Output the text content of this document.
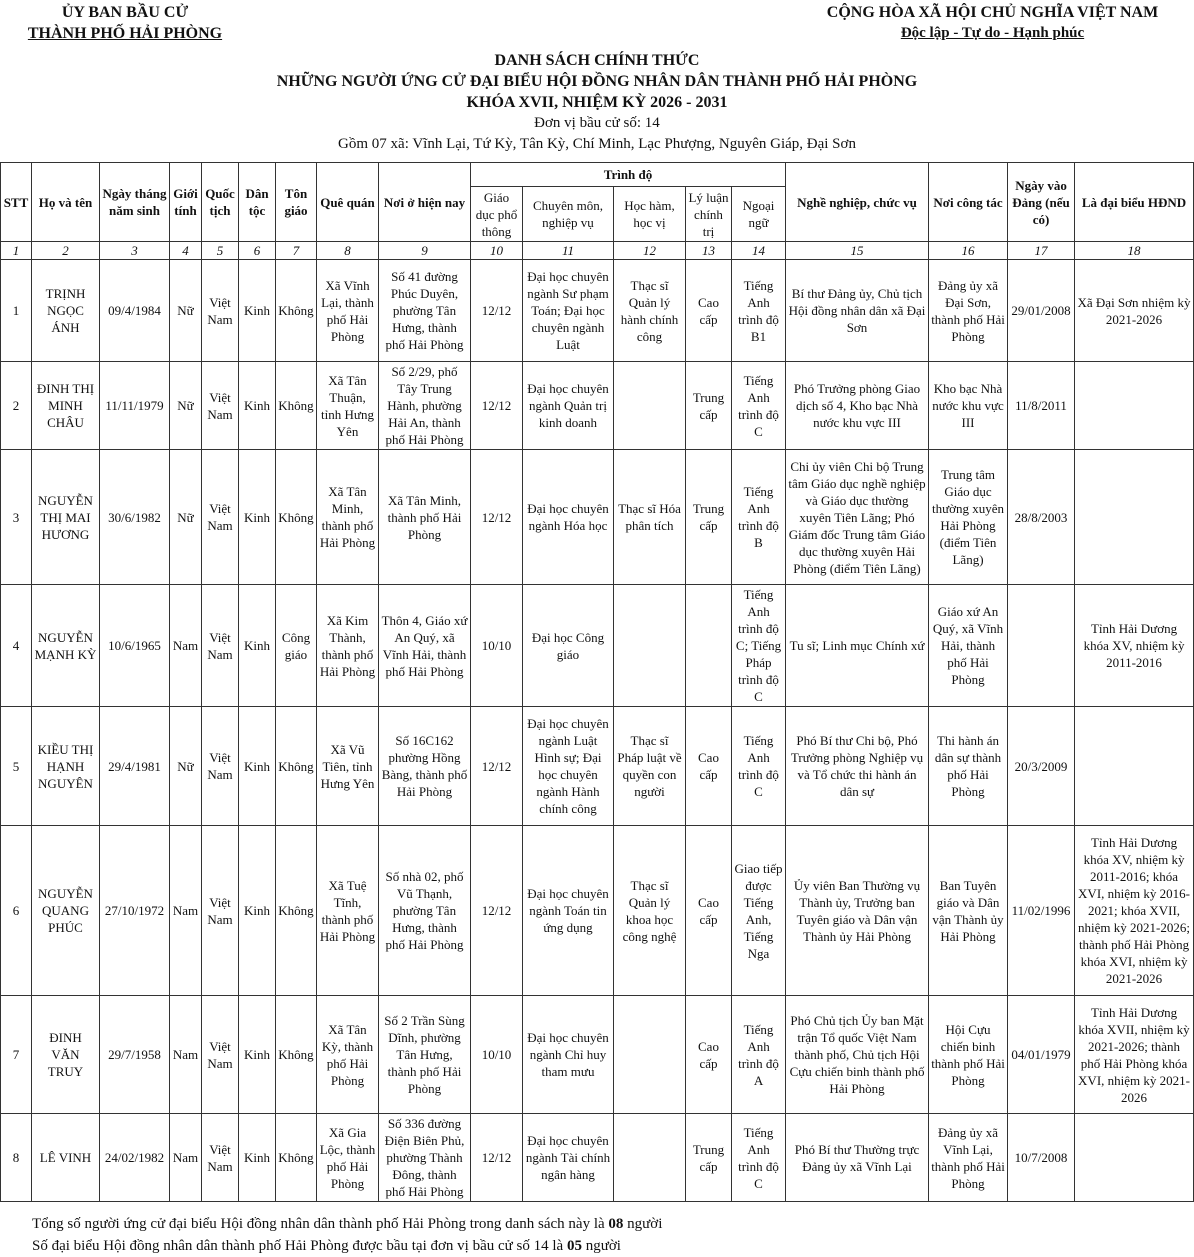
ỦY BAN BẦU CỬ
THÀNH PHỐ HẢI PHÒNG
CỘNG HÒA XÃ HỘI CHỦ NGHĨA VIỆT NAM
Độc lập - Tự do - Hạnh phúc
DANH SÁCH CHÍNH THỨC
NHỮNG NGƯỜI ỨNG CỬ ĐẠI BIỂU HỘI ĐỒNG NHÂN DÂN THÀNH PHỐ HẢI PHÒNG
KHÓA XVII, NHIỆM KỲ 2026 - 2031
Đơn vị bầu cử số: 14
Gồm 07 xã: Vĩnh Lại, Tứ Kỳ, Tân Kỳ, Chí Minh, Lạc Phượng, Nguyên Giáp, Đại Sơn
STT	Họ và tên	Ngày tháng năm sinh	Giới tính	Quốc tịch	Dân tộc	Tôn giáo	Quê quán	Nơi ở hiện nay	Trình độ					Nghề nghiệp, chức vụ	Nơi công tác	Ngày vào Đảng (nếu có)	Là đại biểu HĐND
									Giáo dục phổ thông	Chuyên môn, nghiệp vụ	Học hàm, học vị	Lý luận chính trị	Ngoại ngữ				
1	2	3	4	5	6	7	8	9	10	11	12	13	14	15	16	17	18
1	TRỊNH NGỌC ÁNH	09/4/1984	Nữ	Việt Nam	Kinh	Không	Xã Vĩnh Lại, thành phố Hải Phòng	Số 41 đường Phúc Duyên, phường Tân Hưng, thành phố Hải Phòng	12/12	Đại học chuyên ngành Sư phạm Toán; Đại học chuyên ngành Luật	Thạc sĩ Quản lý hành chính công	Cao cấp	Tiếng Anh trình độ B1	Bí thư Đảng ủy, Chủ tịch Hội đồng nhân dân xã Đại Sơn	Đảng ủy xã Đại Sơn, thành phố Hải Phòng	29/01/2008	Xã Đại Sơn nhiệm kỳ 2021-2026
2	ĐINH THỊ MINH CHÂU	11/11/1979	Nữ	Việt Nam	Kinh	Không	Xã Tân Thuận, tỉnh Hưng Yên	Số 2/29, phố Tây Trung Hành, phường Hải An, thành phố Hải Phòng	12/12	Đại học chuyên ngành Quản trị kinh doanh		Trung cấp	Tiếng Anh trình độ C	Phó Trưởng phòng Giao dịch số 4, Kho bạc Nhà nước khu vực III	Kho bạc Nhà nước khu vực III	11/8/2011	
3	NGUYỄN THỊ MAI HƯƠNG	30/6/1982	Nữ	Việt Nam	Kinh	Không	Xã Tân Minh, thành phố Hải Phòng	Xã Tân Minh, thành phố Hải Phòng	12/12	Đại học chuyên ngành Hóa học	Thạc sĩ Hóa phân tích	Trung cấp	Tiếng Anh trình độ B	Chi ủy viên Chi bộ Trung tâm Giáo dục nghề nghiệp và Giáo dục thường xuyên Tiên Lãng; Phó Giám đốc Trung tâm Giáo dục thường xuyên Hải Phòng (điểm Tiên Lãng)	Trung tâm Giáo dục thường xuyên Hải Phòng (điểm Tiên Lãng)	28/8/2003	
4	NGUYỄN MẠNH KỲ	10/6/1965	Nam	Việt Nam	Kinh	Công giáo	Xã Kim Thành, thành phố Hải Phòng	Thôn 4, Giáo xứ An Quý, xã Vĩnh Hải, thành phố Hải Phòng	10/10	Đại học Công giáo			Tiếng Anh trình độ C; Tiếng Pháp trình độ C	Tu sĩ; Linh mục Chính xứ	Giáo xứ An Quý, xã Vĩnh Hải, thành phố Hải Phòng		Tỉnh Hải Dương khóa XV, nhiệm kỳ 2011-2016
5	KIỀU THỊ HẠNH NGUYÊN	29/4/1981	Nữ	Việt Nam	Kinh	Không	Xã Vũ Tiên, tỉnh Hưng Yên	Số 16C162 phường Hồng Bàng, thành phố Hải Phòng	12/12	Đại học chuyên ngành Luật Hình sự; Đại học chuyên ngành Hành chính công	Thạc sĩ Pháp luật về quyền con người	Cao cấp	Tiếng Anh trình độ C	Phó Bí thư Chi bộ, Phó Trưởng phòng Nghiệp vụ và Tổ chức thi hành án dân sự	Thi hành án dân sự thành phố Hải Phòng	20/3/2009	
6	NGUYỄN QUANG PHÚC	27/10/1972	Nam	Việt Nam	Kinh	Không	Xã Tuệ Tĩnh, thành phố Hải Phòng	Số nhà 02, phố Vũ Thạnh, phường Tân Hưng, thành phố Hải Phòng	12/12	Đại học chuyên ngành Toán tin ứng dụng	Thạc sĩ Quản lý khoa học công nghệ	Cao cấp	Giao tiếp được Tiếng Anh, Tiếng Nga	Ủy viên Ban Thường vụ Thành ủy, Trưởng ban Tuyên giáo và Dân vận Thành ủy Hải Phòng	Ban Tuyên giáo và Dân vận Thành ủy Hải Phòng	11/02/1996	Tỉnh Hải Dương khóa XV, nhiệm kỳ 2011-2016; khóa XVI, nhiệm kỳ 2016-2021; khóa XVII, nhiệm kỳ 2021-2026; thành phố Hải Phòng khóa XVI, nhiệm kỳ 2021-2026
7	ĐINH VĂN TRUY	29/7/1958	Nam	Việt Nam	Kinh	Không	Xã Tân Kỳ, thành phố Hải Phòng	Số 2 Trần Sùng Dĩnh, phường Tân Hưng, thành phố Hải Phòng	10/10	Đại học chuyên ngành Chỉ huy tham mưu		Cao cấp	Tiếng Anh trình độ A	Phó Chủ tịch Ủy ban Mặt trận Tổ quốc Việt Nam thành phố, Chủ tịch Hội Cựu chiến binh thành phố Hải Phòng	Hội Cựu chiến binh thành phố Hải Phòng	04/01/1979	Tỉnh Hải Dương khóa XVII, nhiệm kỳ 2021-2026; thành phố Hải Phòng khóa XVI, nhiệm kỳ 2021-2026
8	LÊ VINH	24/02/1982	Nam	Việt Nam	Kinh	Không	Xã Gia Lộc, thành phố Hải Phòng	Số 336 đường Điện Biên Phủ, phường Thành Đông, thành phố Hải Phòng	12/12	Đại học chuyên ngành Tài chính ngân hàng		Trung cấp	Tiếng Anh trình độ C	Phó Bí thư Thường trực Đảng ủy xã Vĩnh Lại	Đảng ủy xã Vĩnh Lại, thành phố Hải Phòng	10/7/2008	
Tổng số người ứng cử đại biểu Hội đồng nhân dân thành phố Hải Phòng trong danh sách này là 08 người
Số đại biểu Hội đồng nhân dân thành phố Hải Phòng được bầu tại đơn vị bầu cử số 14 là 05 người
